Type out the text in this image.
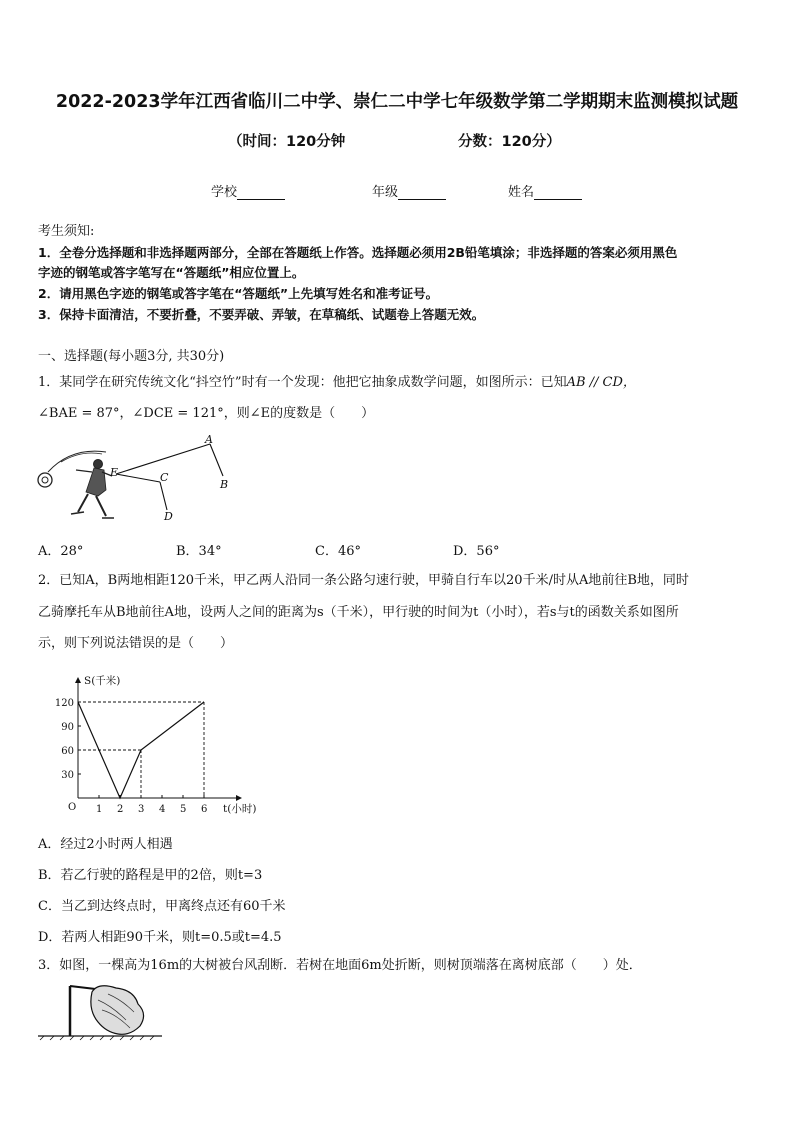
2022-2023学年江西省临川二中学、崇仁二中学七年级数学第二学期期末监测模拟试题
（时间：120分钟	分数：120分）
学校	年级	姓名
考生须知:
1．全卷分选择题和非选择题两部分，全部在答题纸上作答。选择题必须用2B铅笔填涂；非选择题的答案必须用黑色
字迹的钢笔或答字笔写在“答题纸”相应位置上。
2．请用黑色字迹的钢笔或答字笔在“答题纸”上先填写姓名和准考证号。
3．保持卡面清洁，不要折叠，不要弄破、弄皱，在草稿纸、试题卷上答题无效。
一、选择题(每小题3分, 共30分)
1．某同学在研究传统文化“抖空竹”时有一个发现：他把它抽象成数学问题，如图所示：已知AB // CD，
∠BAE = 87°，∠DCE = 121°，则∠E的度数是（　　）
A
B
C
D
E
A．28°	B．34°	C．46°	D．56°
2．已知A，B两地相距120千米，甲乙两人沿同一条公路匀速行驶，甲骑自行车以20千米/时从A地前往B地，同时
乙骑摩托车从B地前往A地，设两人之间的距离为s（千米），甲行驶的时间为t（小时），若s与t的函数关系如图所
示，则下列说法错误的是（　　）
1 2 3 4 5 6
30
60
90
120
S(千米)
t(小时)
O
A．经过2小时两人相遇
B．若乙行驶的路程是甲的2倍，则t=3
C．当乙到达终点时，甲离终点还有60千米
D．若两人相距90千米，则t=0.5或t=4.5
3．如图，一棵高为16m的大树被台风刮断．若树在地面6m处折断，则树顶端落在离树底部（　　）处．
